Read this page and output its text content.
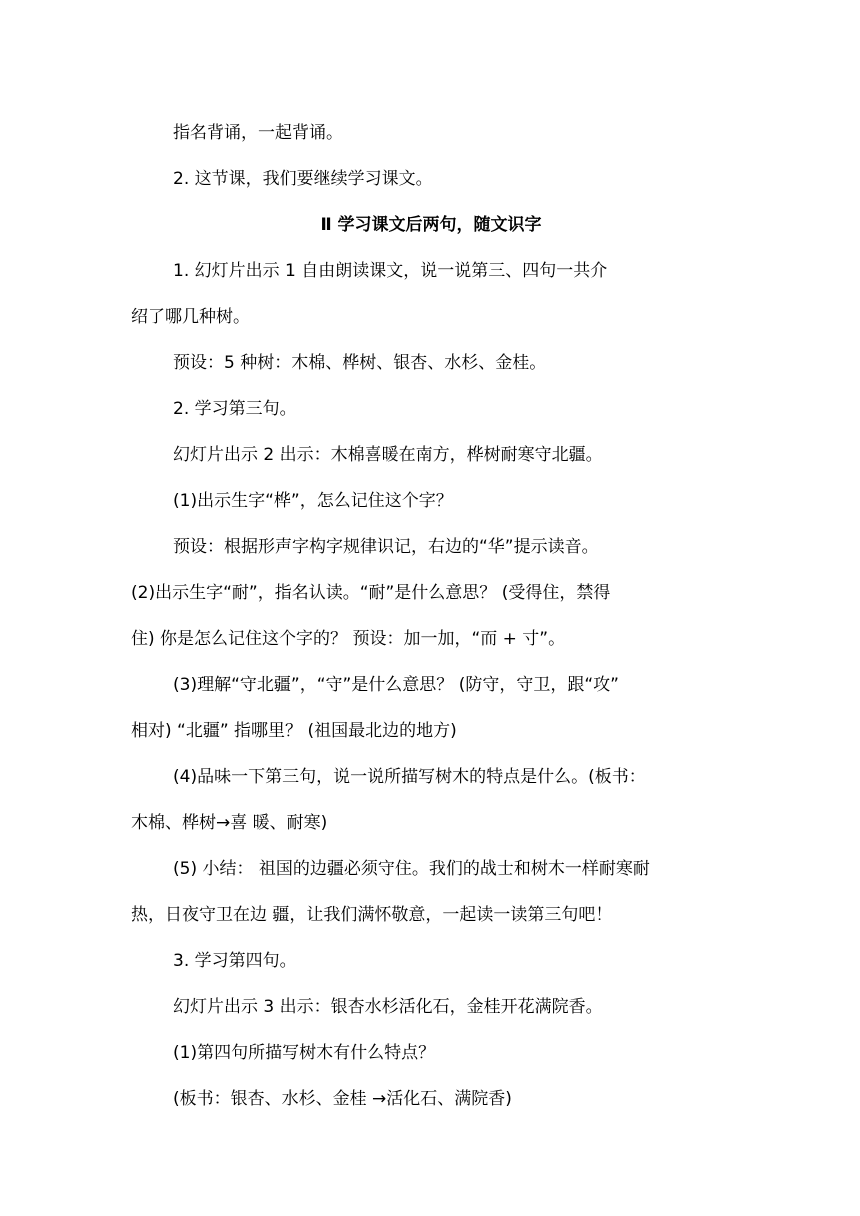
指名背诵，一起背诵。
2. 这节课，我们要继续学习课文。
Ⅱ 学习课文后两句，随文识字
1. 幻灯片出示 1 自由朗读课文，说一说第三、四句一共介
绍了哪几种树。
预设：5 种树：木棉、桦树、银杏、水杉、金桂。
2. 学习第三句。
幻灯片出示 2 出示：木棉喜暖在南方，桦树耐寒守北疆。
(1)出示生字“桦”，怎么记住这个字？
预设：根据形声字构字规律识记，右边的“华”提示读音。
(2)出示生字“耐”，指名认读。“耐”是什么意思？ (受得住，禁得
住) 你是怎么记住这个字的？ 预设：加一加，“而 + 寸”。
(3)理解“守北疆”，“守”是什么意思？ (防守，守卫，跟“攻”
相对) “北疆” 指哪里？ (祖国最北边的地方)
(4)品味一下第三句，说一说所描写树木的特点是什么。(板书：
木棉、桦树→喜 暖、耐寒)
(5) 小结： 祖国的边疆必须守住。我们的战士和树木一样耐寒耐
热，日夜守卫在边 疆，让我们满怀敬意，一起读一读第三句吧！
3. 学习第四句。
幻灯片出示 3 出示：银杏水杉活化石，金桂开花满院香。
(1)第四句所描写树木有什么特点？
(板书：银杏、水杉、金桂 →活化石、满院香)
